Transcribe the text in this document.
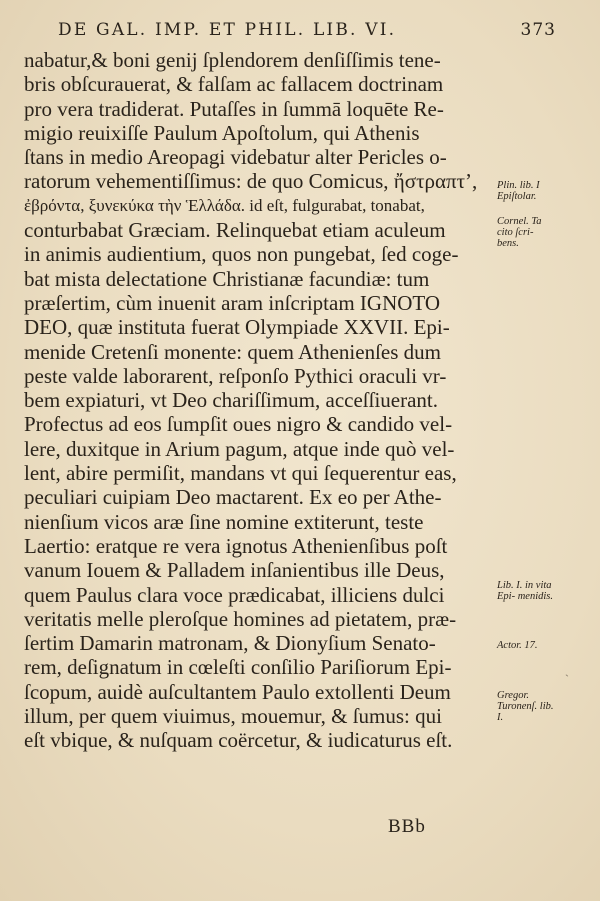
DE GAL. IMP. ET PHIL. LIB. VI.	373
nabatur,& boni genij ſplendorem denſiſſimis tene-
bris obſcurauerat, & falſam ac fallacem doctrinam
pro vera tradiderat. Putaſſes in ſummā loquēte Re-
migio reuixiſſe Paulum Apoſtolum, qui Athenis
ſtans in medio Areopagi videbatur alter Pericles o-
ratorum vehementiſſimus: de quo Comicus, ἤστραπτ’,
ἐβρόντα, ξυνεκύκα τὴν Ἑλλάδα. id eſt, fulgurabat, tonabat,
conturbabat Græciam. Relinquebat etiam aculeum
in animis audientium, quos non pungebat, ſed coge-
bat mista delectatione Christianæ facundiæ: tum
præſertim, cùm inuenit aram inſcriptam IGNOTO
DEO, quæ instituta fuerat Olympiade XXVII. Epi-
menide Cretenſi monente: quem Athenienſes dum
peste valde laborarent, reſponſo Pythici oraculi vr-
bem expiaturi, vt Deo chariſſimum, acceſſiuerant.
Profectus ad eos ſumpſit oues nigro & candido vel-
lere, duxitque in Arium pagum, atque inde quò vel-
lent, abire permiſit, mandans vt qui ſequerentur eas,
peculiari cuipiam Deo mactarent. Ex eo per Athe-
nienſium vicos aræ ſine nomine extiterunt, teste
Laertio: eratque re vera ignotus Athenienſibus poſt
vanum Iouem & Palladem inſanientibus ille Deus,
quem Paulus clara voce prædicabat, illiciens dulci
veritatis melle pleroſque homines ad pietatem, præ-
ſertim Damarin matronam, & Dionyſium Senato-
rem, deſignatum in cœleſti conſilio Pariſiorum Epi-
ſcopum, auidè auſcultantem Paulo extollenti Deum
illum, per quem viuimus, mouemur, & ſumus: qui
eſt vbique, & nuſquam coërcetur, & iudicaturus eſt.
Plin. lib. I Epiſtolar.
Cornel. Ta cito ſcri- bens.
Lib. I. in vita Epi- menidis.
Actor. 17.
Gregor. Turonenſ. lib. I.
ˎ
BBb
